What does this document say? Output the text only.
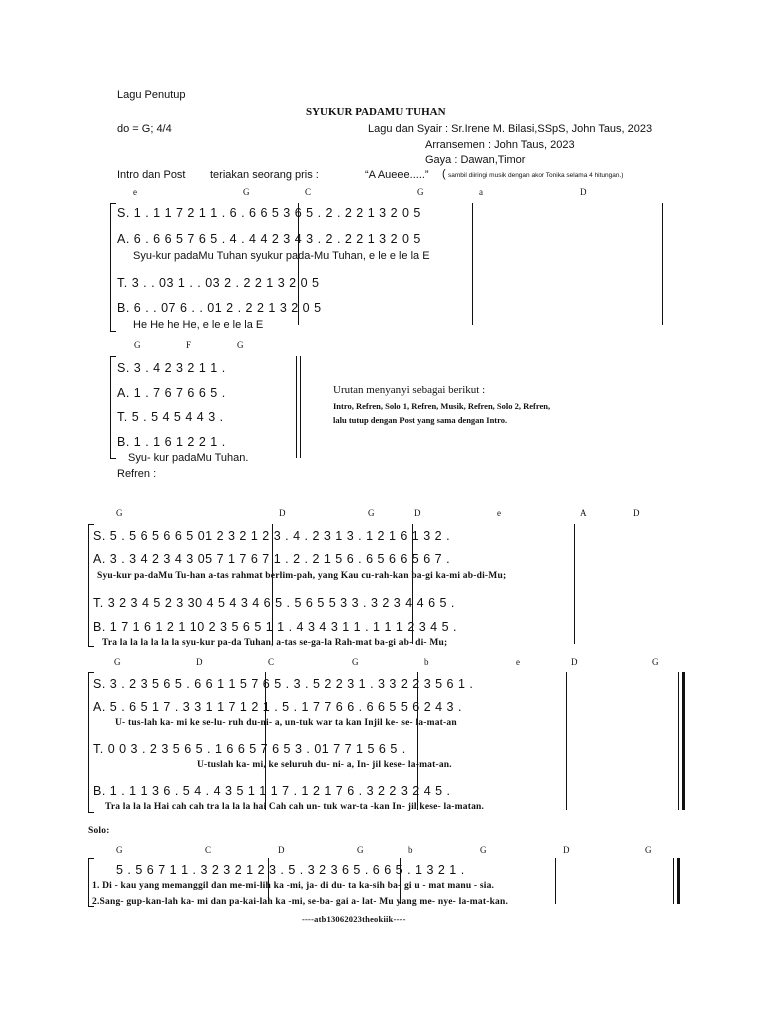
Lagu Penutup
SYUKUR PADAMU TUHAN
do = G; 4/4	Lagu dan Syair : Sr.Irene M. Bilasi,SSpS, John Taus, 2023
Arransemen : John Taus, 2023
Gaya : Dawan,Timor
Intro dan Post teriakan seorang pris :	“A Aueee.....” ( sambil diiringi musik dengan akor Tonika selama 4 hitungan.)
e	G	C	G	a	D
S. 1 . 1 1 7 2 1 1 . 6 . 6 6 5 3 6 5 . 2 . 2 2 1 3 2 0 5
A. 6 . 6 6 5 7 6 5 . 4 . 4 4 2 3 4 3 . 2 . 2 2 1 3 2 0 5
Syu-kur padaMu Tuhan syukur pada-Mu Tuhan, e le e le la E
T. 3 . . 03 1 . . 03 2 . 2 2 1 3 2 0 5
B. 6 . . 07 6 . . 01 2 . 2 2 1 3 2 0 5
He He he He, e le e le la E
G	F	G
S. 3 . 4 2 3 2 1 1 .
A. 1 . 7 6 7 6 6 5 .
T. 5 . 5 4 5 4 4 3 .
B. 1 . 1 6 1 2 2 1 .
Syu- kur padaMu Tuhan.
Urutan menyanyi sebagai berikut :
Intro, Refren, Solo 1, Refren, Musik, Refren, Solo 2, Refren,
lalu tutup dengan Post yang sama dengan Intro.
Refren :
G	D	G	D	e	A	D
S. 5 . 5 6 5 6 6 5 01 2 3 2 1 2 3 . 4 . 2 3 1 3 . 1 2 1 6 1 3 2 .
A. 3 . 3 4 2 3 4 3 05 7 1 7 6 7 1 . 2 . 2 1 5 6 . 6 5 6 6 5 6 7 .
Syu-kur pa-daMu Tu-han a-tas rahmat berlim-pah, yang Kau cu-rah-kan ba-gi ka-mi ab-di-Mu;
T. 3 2 3 4 5 2 3 30 4 5 4 3 4 6 5 . 5 6 5 5 3 3 . 3 2 3 4 4 6 5 .
B. 1 7 1 6 1 2 1 10 2 3 5 6 5 1 1 . 4 3 4 3 1 1 . 1 1 1 2 3 4 5 .
Tra la la la la la la syu-kur pa-da Tuhan, a-tas se-ga-la Rah-mat ba-gi ab- di- Mu;
G	D	C	G	b	e	D	G
S. 3 . 2 3 5 6 5 . 6 6 1 1 5 7 6 5 . 3 . 5 2 2 3 1 . 3 3 2 2 3 5 6 1 .
A. 5 . 6 5 1 7 . 3 3 1 1 7 1 2 1 . 5 . 1 7 7 6 6 . 6 6 5 5 6 2 4 3 .
U- tus-lah ka- mi ke se-lu- ruh du-ni- a, un-tuk war ta kan Injil ke- se- la-mat-an
T. 0 0 3 . 2 3 5 6 5 . 1 6 6 5 7 6 5 3 . 01 7 7 1 5 6 5 .
U-tuslah ka- mi, ke seluruh du- ni- a, In- jil kese- la-mat-an.
B. 1 . 1 1 3 6 . 5 4 . 4 3 5 1 1 1 7 . 1 2 1 7 6 . 3 2 2 3 2 4 5 .
Tra la la la Hai cah cah tra la la la hai Cah cah un- tuk war-ta -kan In- jil kese- la-matan.
Solo:
G	C	D	G	b	G	D	G
5 . 5 6 7 1 1 . 3 2 3 2 1 2 3 . 5 . 3 2 3 6 5 . 6 6 5 . 1 3 2 1 .
1. Di - kau yang memanggil dan me-mi-lih ka -mi, ja- di du- ta ka-sih ba- gi u - mat manu - sia.
2.Sang- gup-kan-lah ka- mi dan pa-kai-lah ka -mi, se-ba- gai a- lat- Mu yang me- nye- la-mat-kan.
----atb13062023theokiik----
